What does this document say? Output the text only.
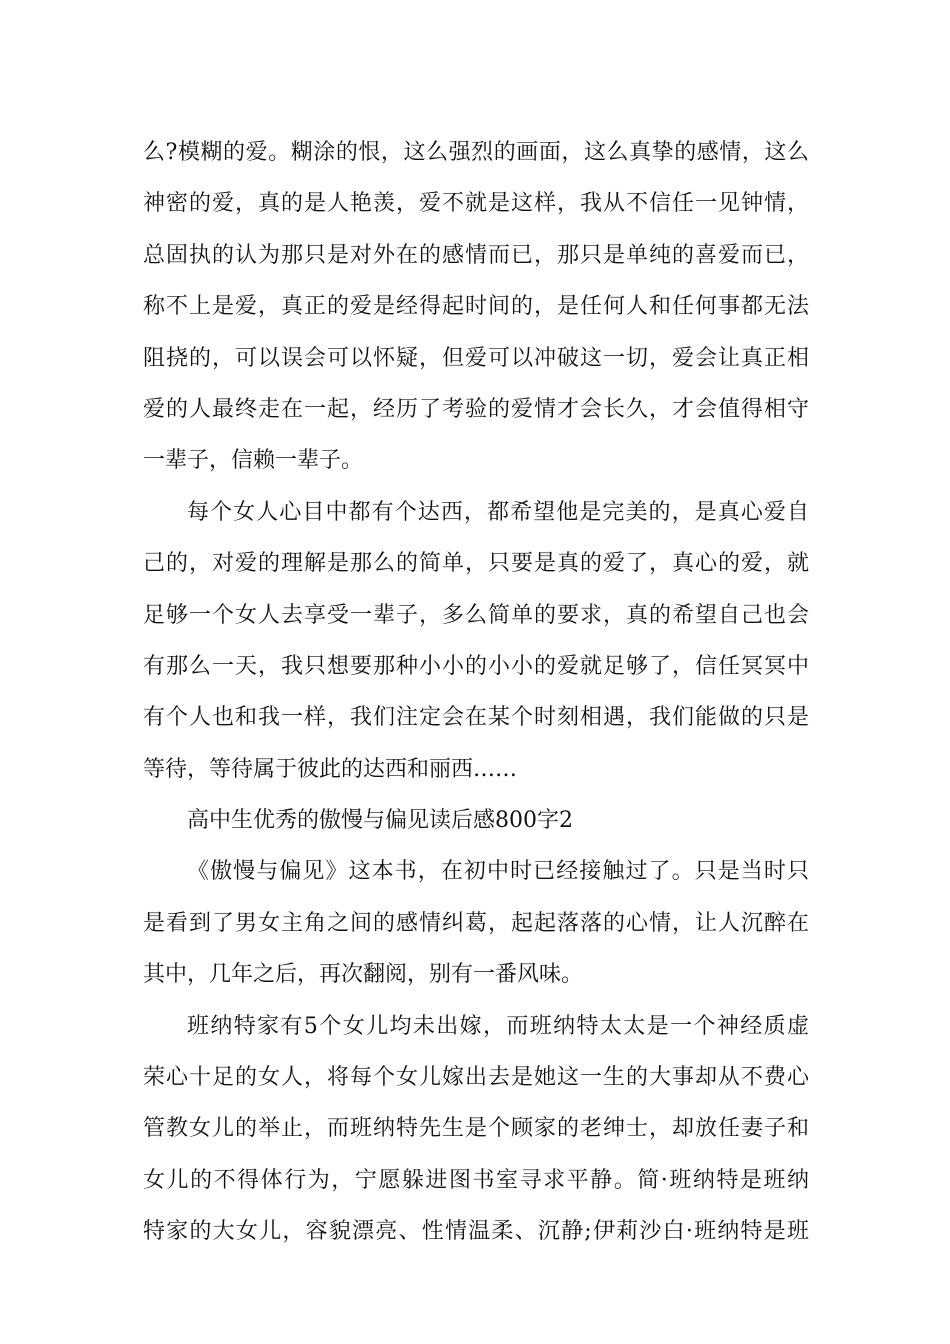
么?模糊的爱。糊涂的恨，这么强烈的画面，这么真挚的感情，这么
神密的爱，真的是人艳羡，爱不就是这样，我从不信任一见钟情，
总固执的认为那只是对外在的感情而已，那只是单纯的喜爱而已，
称不上是爱，真正的爱是经得起时间的，是任何人和任何事都无法
阻挠的，可以误会可以怀疑，但爱可以冲破这一切，爱会让真正相
爱的人最终走在一起，经历了考验的爱情才会长久，才会值得相守
一辈子，信赖一辈子。
每个女人心目中都有个达西，都希望他是完美的，是真心爱自
己的，对爱的理解是那么的简单，只要是真的爱了，真心的爱，就
足够一个女人去享受一辈子，多么简单的要求，真的希望自己也会
有那么一天，我只想要那种小小的小小的爱就足够了，信任冥冥中
有个人也和我一样，我们注定会在某个时刻相遇，我们能做的只是
等待，等待属于彼此的达西和丽西……
高中生优秀的傲慢与偏见读后感800字2
《傲慢与偏见》这本书，在初中时已经接触过了。只是当时只
是看到了男女主角之间的感情纠葛，起起落落的心情，让人沉醉在
其中，几年之后，再次翻阅，别有一番风味。
班纳特家有5个女儿均未出嫁，而班纳特太太是一个神经质虚
荣心十足的女人，将每个女儿嫁出去是她这一生的大事却从不费心
管教女儿的举止，而班纳特先生是个顾家的老绅士，却放任妻子和
女儿的不得体行为，宁愿躲进图书室寻求平静。简·班纳特是班纳
特家的大女儿，容貌漂亮、性情温柔、沉静;伊莉沙白·班纳特是班
